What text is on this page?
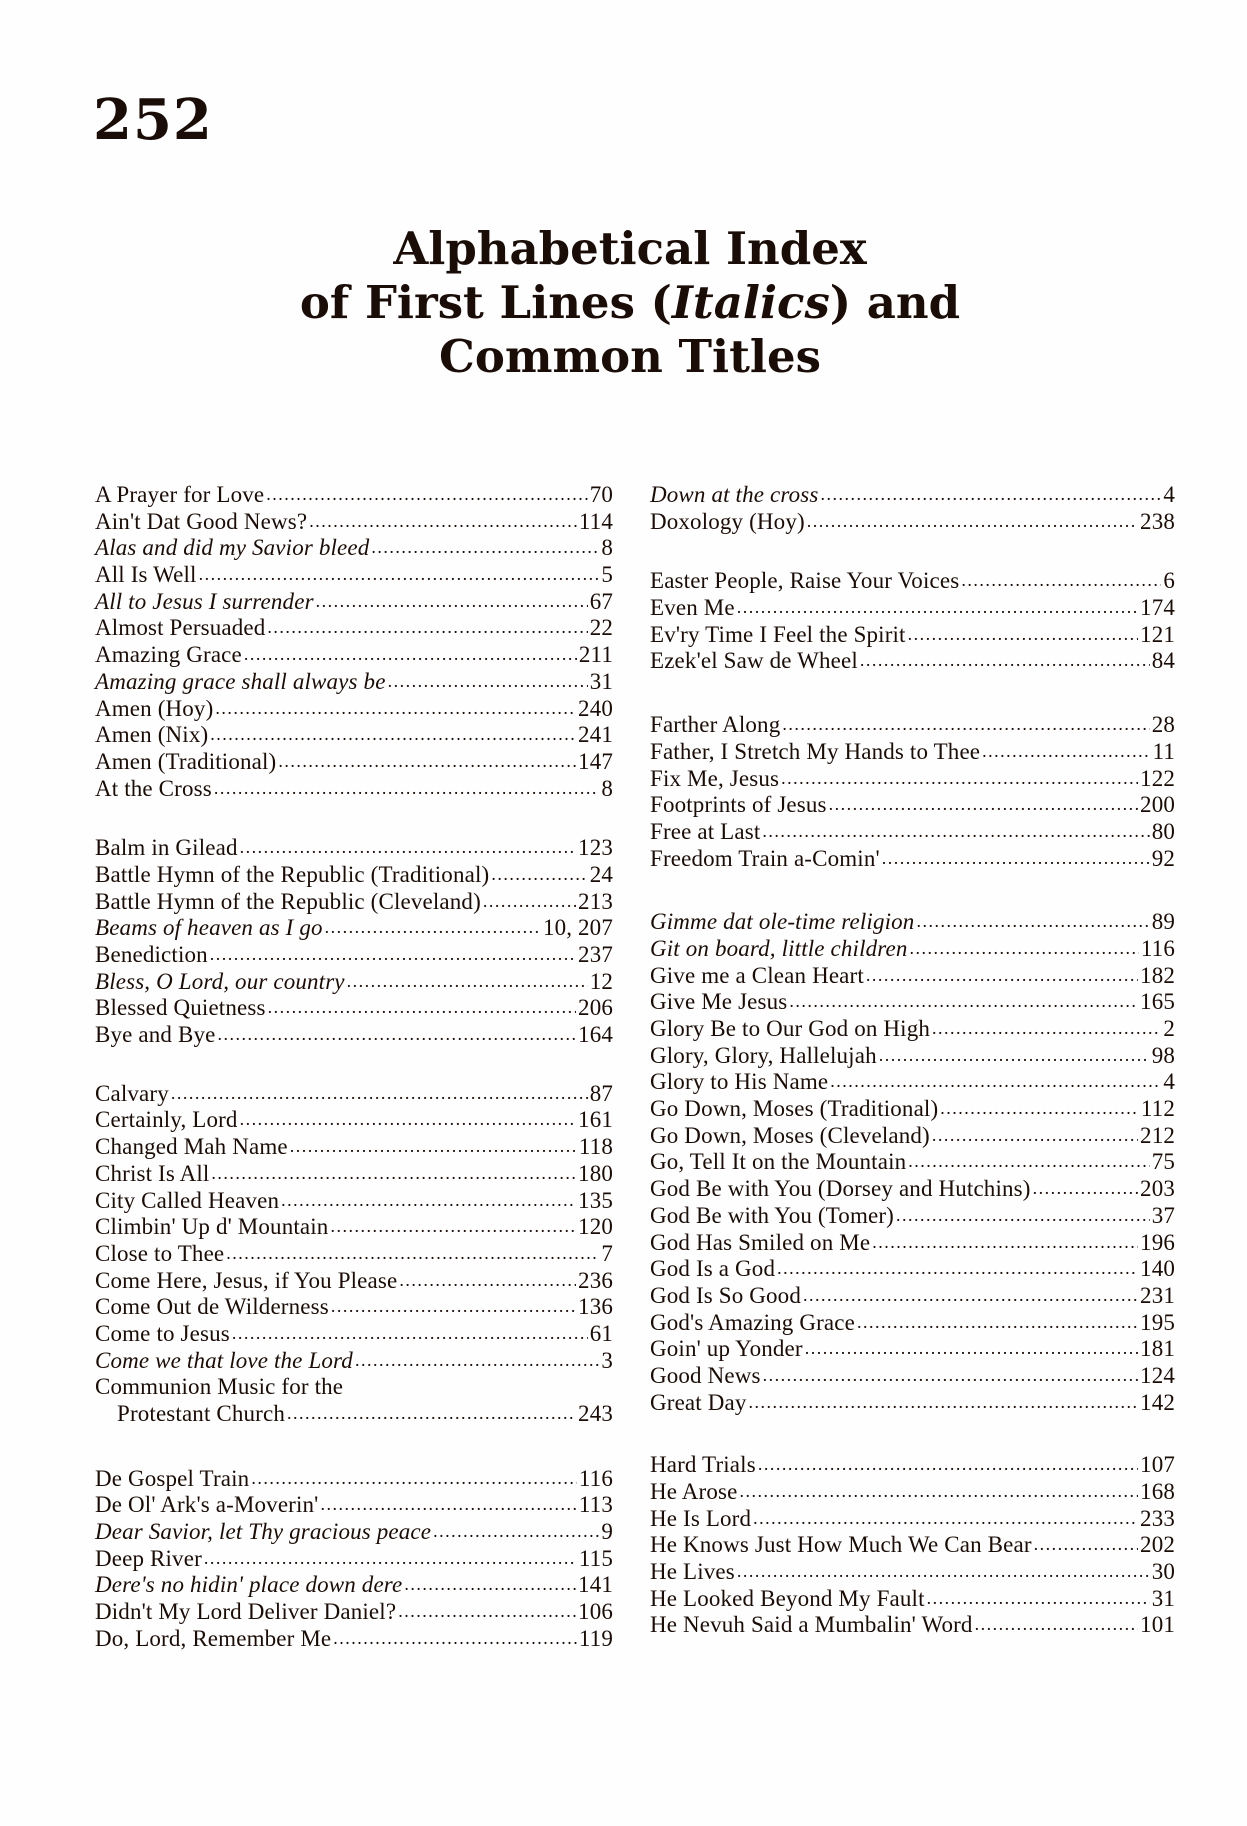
252
Alphabetical Index
of First Lines (Italics) and
Common Titles
A Prayer for Love .....	70
Ain't Dat Good News? .....	114
Alas and did my Savior bleed .....	8
All Is Well .....	5
All to Jesus I surrender .....	67
Almost Persuaded .....	22
Amazing Grace .....	211
Amazing grace shall always be .....	31
Amen (Hoy) .....	240
Amen (Nix) .....	241
Amen (Traditional) .....	147
At the Cross .....	8
Balm in Gilead .....	123
Battle Hymn of the Republic (Traditional) .....	24
Battle Hymn of the Republic (Cleveland) .....	213
Beams of heaven as I go .....	10, 207
Benediction .....	237
Bless, O Lord, our country .....	12
Blessed Quietness .....	206
Bye and Bye .....	164
Calvary .....	87
Certainly, Lord .....	161
Changed Mah Name .....	118
Christ Is All .....	180
City Called Heaven .....	135
Climbin' Up d' Mountain .....	120
Close to Thee .....	7
Come Here, Jesus, if You Please .....	236
Come Out de Wilderness .....	136
Come to Jesus .....	61
Come we that love the Lord .....	3
Communion Music for the
Protestant Church .....	243
De Gospel Train .....	116
De Ol' Ark's a-Moverin' .....	113
Dear Savior, let Thy gracious peace .....	9
Deep River .....	115
Dere's no hidin' place down dere .....	141
Didn't My Lord Deliver Daniel? .....	106
Do, Lord, Remember Me .....	119
Down at the cross .....	4
Doxology (Hoy) .....	238
Easter People, Raise Your Voices .....	6
Even Me .....	174
Ev'ry Time I Feel the Spirit .....	121
Ezek'el Saw de Wheel .....	84
Farther Along .....	28
Father, I Stretch My Hands to Thee .....	11
Fix Me, Jesus .....	122
Footprints of Jesus .....	200
Free at Last .....	80
Freedom Train a-Comin' .....	92
Gimme dat ole-time religion .....	89
Git on board, little children .....	116
Give me a Clean Heart .....	182
Give Me Jesus .....	165
Glory Be to Our God on High .....	2
Glory, Glory, Hallelujah .....	98
Glory to His Name .....	4
Go Down, Moses (Traditional) .....	112
Go Down, Moses (Cleveland) .....	212
Go, Tell It on the Mountain .....	75
God Be with You (Dorsey and Hutchins) .....	203
God Be with You (Tomer) .....	37
God Has Smiled on Me .....	196
God Is a God .....	140
God Is So Good .....	231
God's Amazing Grace .....	195
Goin' up Yonder .....	181
Good News .....	124
Great Day .....	142
Hard Trials .....	107
He Arose .....	168
He Is Lord .....	233
He Knows Just How Much We Can Bear .....	202
He Lives .....	30
He Looked Beyond My Fault .....	31
He Nevuh Said a Mumbalin' Word .....	101
